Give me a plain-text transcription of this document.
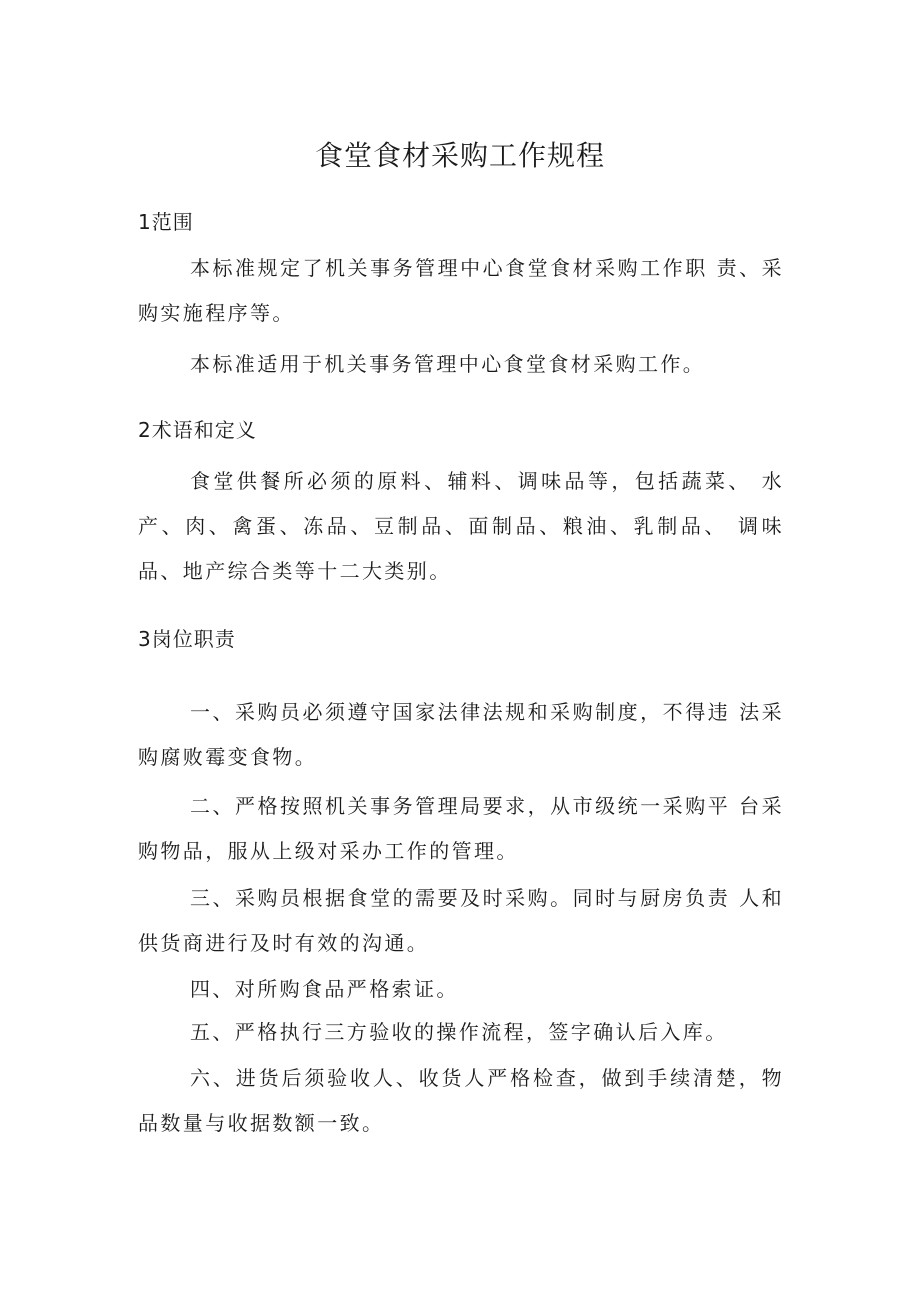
食堂食材采购工作规程
1范围

本标准规定了机关事务管理中心食堂食材采购工作职 责、采购实施程序等。

本标准适用于机关事务管理中心食堂食材采购工作。

2术语和定义

食堂供餐所必须的原料、辅料、调味品等，包括蔬菜、 水产、肉、禽蛋、冻品、豆制品、面制品、粮油、乳制品、 调味品、地产综合类等十二大类别。

3岗位职责

一、采购员必须遵守国家法律法规和采购制度，不得违 法采购腐败霉变食物。

二、严格按照机关事务管理局要求，从市级统一采购平 台采购物品，服从上级对采办工作的管理。

三、采购员根据食堂的需要及时采购。同时与厨房负责 人和供货商进行及时有效的沟通。

四、对所购食品严格索证。

五、严格执行三方验收的操作流程，签字确认后入库。

六、进货后须验收人、收货人严格检查，做到手续清楚，物品数量与收据数额一致。
